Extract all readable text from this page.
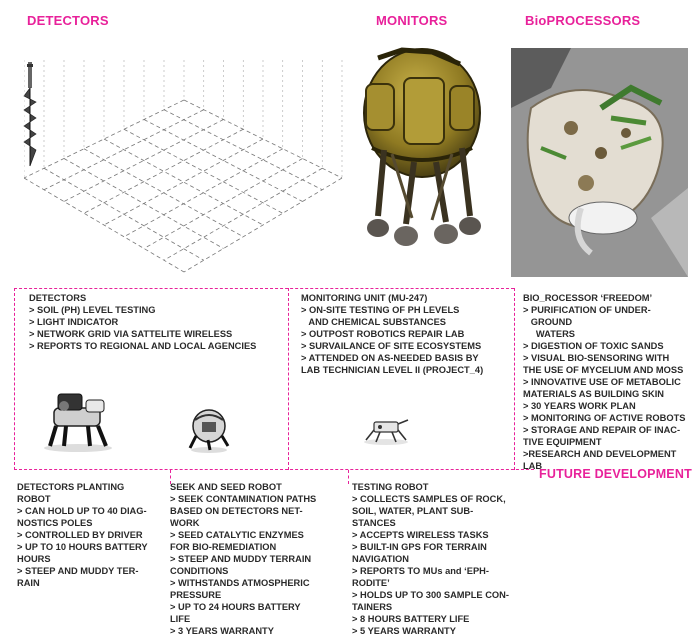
DETECTORS	MONITORS	BioPROCESSORS
DETECTORS
> SOIL (PH) LEVEL TESTING
> LIGHT INDICATOR
> NETWORK GRID VIA SATTELITE WIRELESS
> REPORTS TO REGIONAL AND LOCAL AGENCIES
MONITORING UNIT (MU-247)
> ON-SITE TESTING OF PH LEVELS
AND CHEMICAL SUBSTANCES
> OUTPOST ROBOTICS REPAIR LAB
> SURVAILANCE OF SITE ECOSYSTEMS
> ATTENDED ON AS-NEEDED BASIS BY
LAB TECHNICIAN LEVEL II (PROJECT_4)
BIO_ROCESSOR ‘FREEDOM’
> PURIFICATION OF UNDER-
GROUND
WATERS
> DIGESTION OF TOXIC SANDS
> VISUAL BIO-SENSORING WITH
THE USE OF MYCELIUM AND MOSS
> INNOVATIVE USE OF METABOLIC
MATERIALS AS BUILDING SKIN
> 30 YEARS WORK PLAN
> MONITORING OF ACTIVE ROBOTS
> STORAGE AND REPAIR OF INAC-
TIVE EQUIPMENT
>RESEARCH AND DEVELOPMENT
LAB
FUTURE DEVELOPMENT
DETECTORS PLANTING
ROBOT
> CAN HOLD UP TO 40 DIAG-
NOSTICS POLES
> CONTROLLED BY DRIVER
> UP TO 10 HOURS BATTERY
HOURS
> STEEP AND MUDDY TER-
RAIN
SEEK AND SEED ROBOT
> SEEK CONTAMINATION PATHS
BASED ON DETECTORS NET-
WORK
> SEED CATALYTIC ENZYMES
FOR BIO-REMEDIATION
> STEEP AND MUDDY TERRAIN
CONDITIONS
> WITHSTANDS ATMOSPHERIC
PRESSURE
> UP TO 24 HOURS BATTERY
LIFE
> 3 YEARS WARRANTY
TESTING ROBOT
> COLLECTS SAMPLES OF ROCK,
SOIL, WATER, PLANT SUB-
STANCES
> ACCEPTS WIRELESS TASKS
> BUILT-IN GPS FOR TERRAIN
NAVIGATION
> REPORTS TO MUs and ‘EPH-
RODITE’
> HOLDS UP TO 300 SAMPLE CON-
TAINERS
> 8 HOURS BATTERY LIFE
> 5 YEARS WARRANTY
